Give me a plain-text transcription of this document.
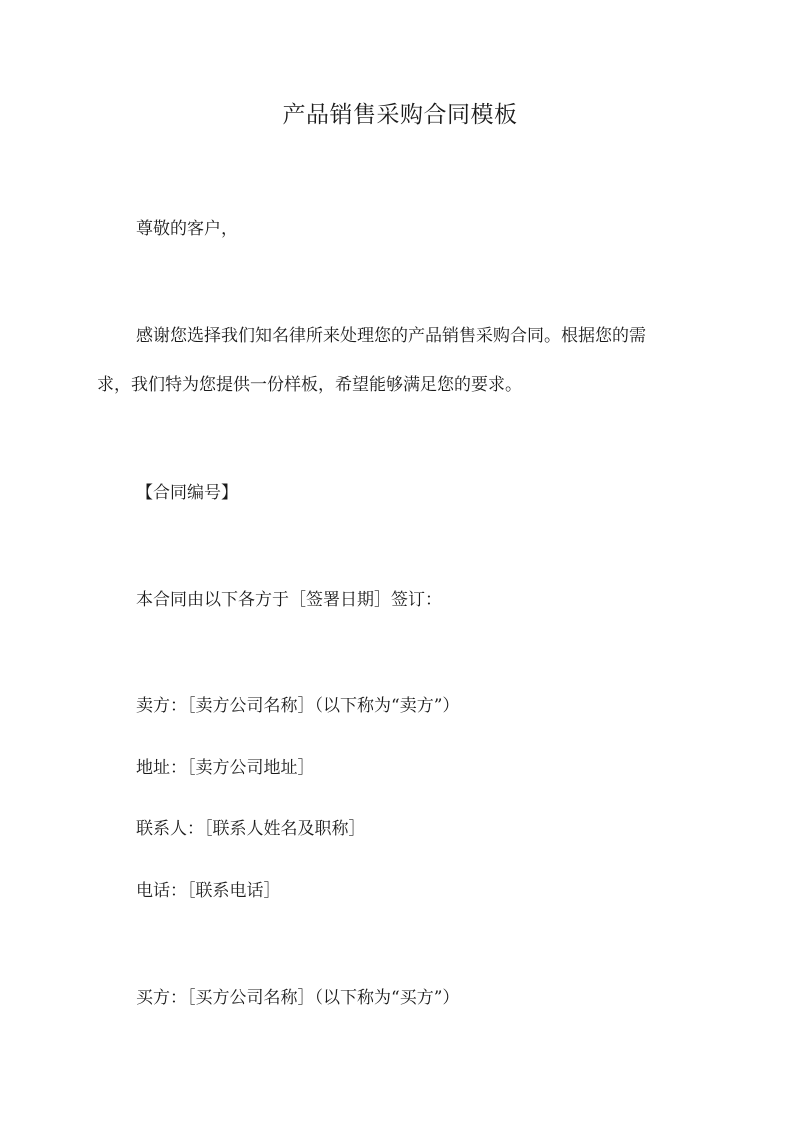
产品销售采购合同模板
尊敬的客户，
感谢您选择我们知名律所来处理您的产品销售采购合同。根据您的需
求，我们特为您提供一份样板，希望能够满足您的要求。
【合同编号】
本合同由以下各方于［签署日期］签订：
卖方：［卖方公司名称］（以下称为“卖方”）
地址：［卖方公司地址］
联系人：［联系人姓名及职称］
电话：［联系电话］
买方：［买方公司名称］（以下称为“买方”）
